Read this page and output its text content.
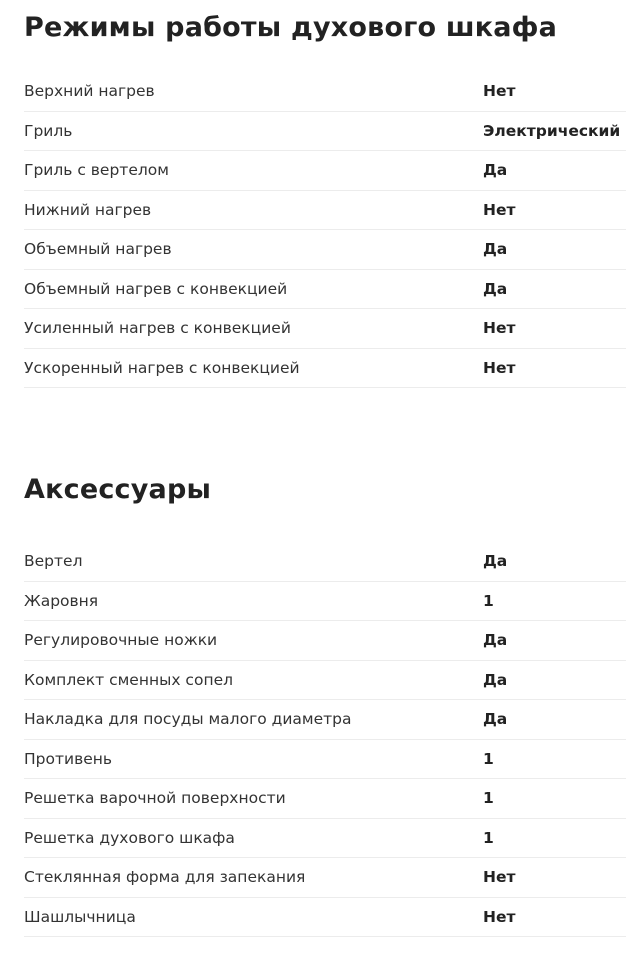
Режимы работы духового шкафа
Верхний нагрев	Нет
Гриль	Электрический
Гриль с вертелом	Да
Нижний нагрев	Нет
Объемный нагрев	Да
Объемный нагрев с конвекцией	Да
Усиленный нагрев с конвекцией	Нет
Ускоренный нагрев с конвекцией	Нет
Аксессуары
Вертел	Да
Жаровня	1
Регулировочные ножки	Да
Комплект сменных сопел	Да
Накладка для посуды малого диаметра	Да
Противень	1
Решетка варочной поверхности	1
Решетка духового шкафа	1
Стеклянная форма для запекания	Нет
Шашлычница	Нет
